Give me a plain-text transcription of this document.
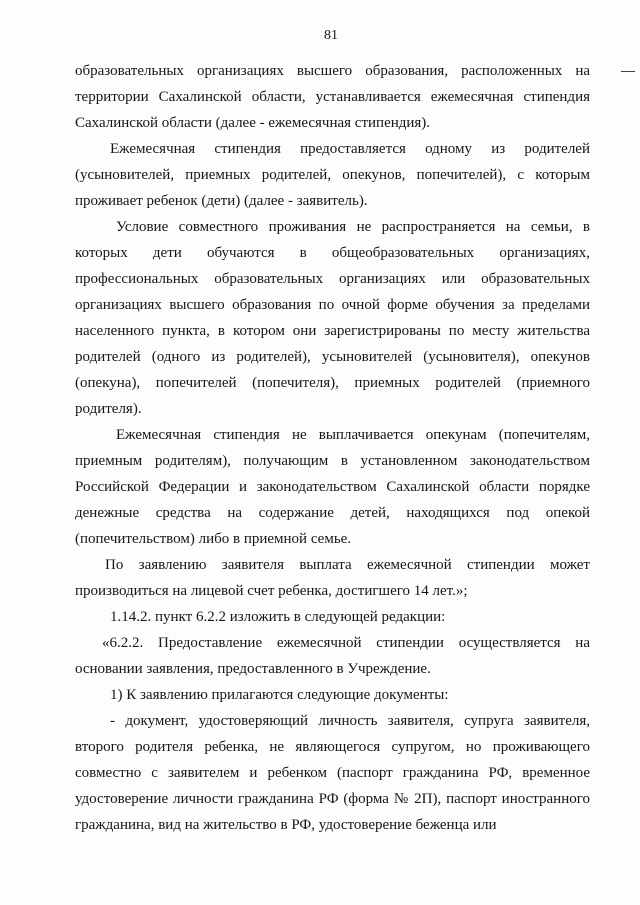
81

образовательных организациях высшего образования, расположенных на территории Сахалинской области, устанавливается ежемесячная стипендия Сахалинской области (далее - ежемесячная стипендия).

Ежемесячная стипендия предоставляется одному из родителей (усыновителей, приемных родителей, опекунов, попечителей), с которым проживает ребенок (дети) (далее - заявитель).

Условие совместного проживания не распространяется на семьи, в которых дети обучаются в общеобразовательных организациях, профессиональных образовательных организациях или образовательных организациях высшего образования по очной форме обучения за пределами населенного пункта, в котором они зарегистрированы по месту жительства родителей (одного из родителей), усыновителей (усыновителя), опекунов (опекуна), попечителей (попечителя), приемных родителей (приемного родителя).

Ежемесячная стипендия не выплачивается опекунам (попечителям, приемным родителям), получающим в установленном законодательством Российской Федерации и законодательством Сахалинской области порядке денежные средства на содержание детей, находящихся под опекой (попечительством) либо в приемной семье.

По заявлению заявителя выплата ежемесячной стипендии может производиться на лицевой счет ребенка, достигшего 14 лет.»;

1.14.2. пункт 6.2.2 изложить в следующей редакции:

«6.2.2. Предоставление ежемесячной стипендии осуществляется на основании заявления, предоставленного в Учреждение.

1) К заявлению прилагаются следующие документы:

- документ, удостоверяющий личность заявителя, супруга заявителя, второго родителя ребенка, не являющегося супругом, но проживающего совместно с заявителем и ребенком (паспорт гражданина РФ, временное удостоверение личности гражданина РФ (форма № 2П), паспорт иностранного гражданина, вид на жительство в РФ, удостоверение беженца или
